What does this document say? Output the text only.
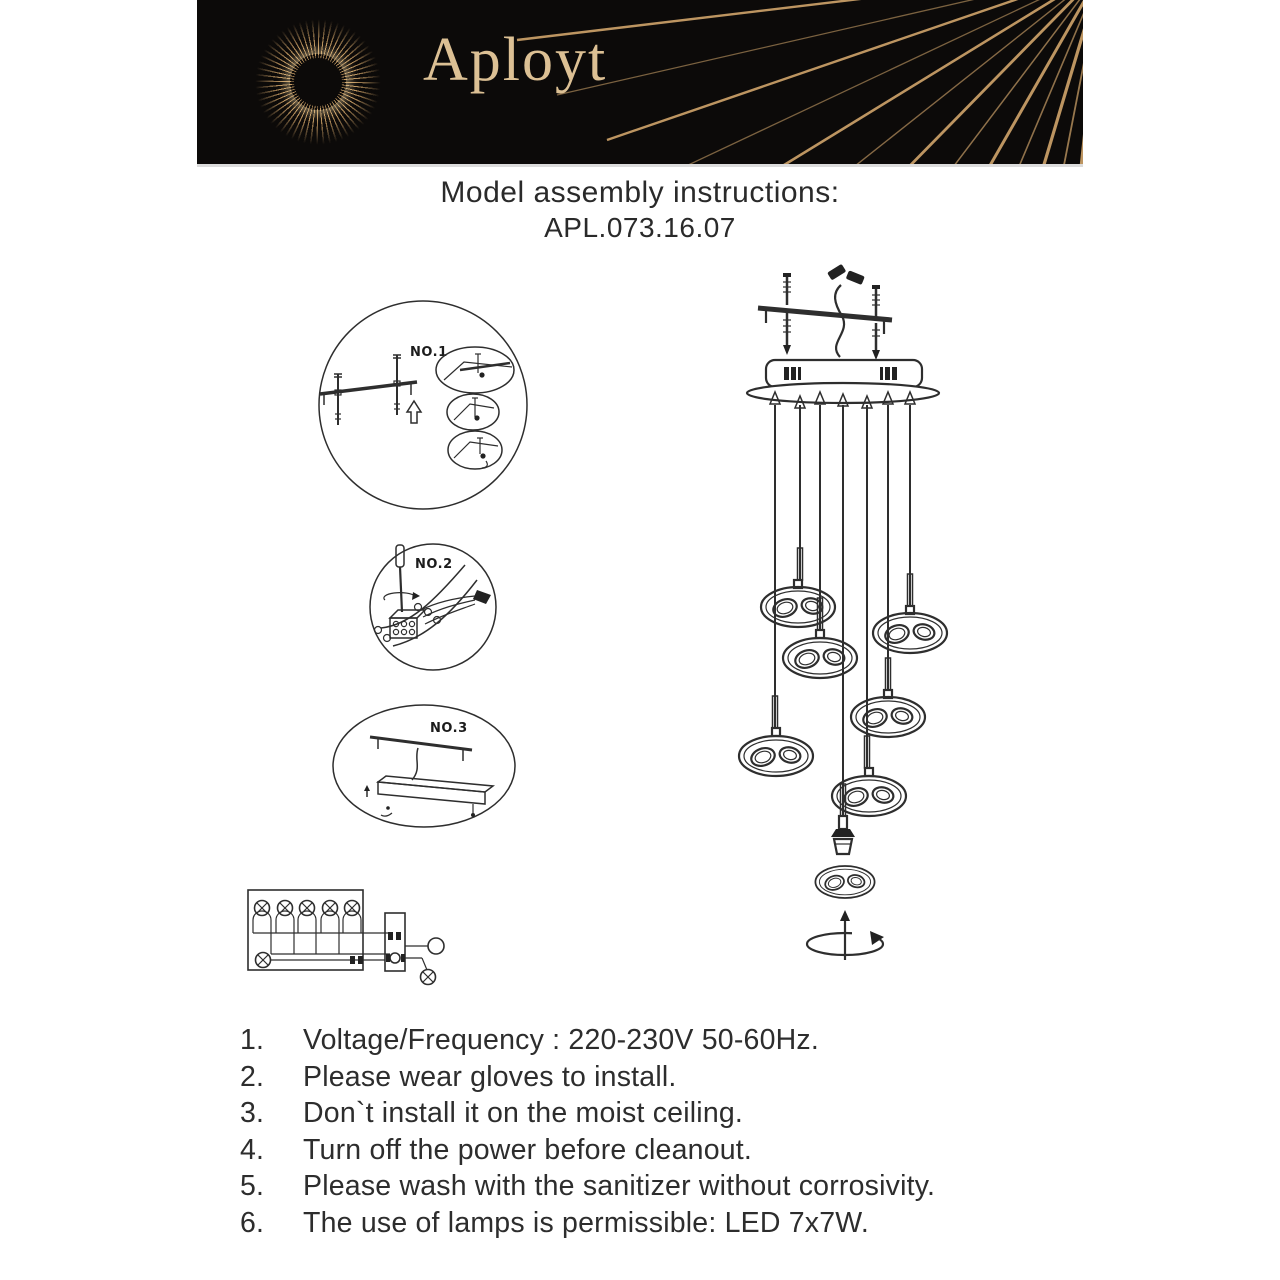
Aployt
Model assembly instructions:
APL.073.16.07
NO.1
NO.2
NO.3
1.	Voltage/Frequency : 220-230V 50-60Hz.
2.	Please wear gloves to install.
3.	Don`t install it on the moist ceiling.
4.	Turn off the power before cleanout.
5.	Please wash with the sanitizer without corrosivity.
6.	The use of lamps is permissible: LED 7x7W.
